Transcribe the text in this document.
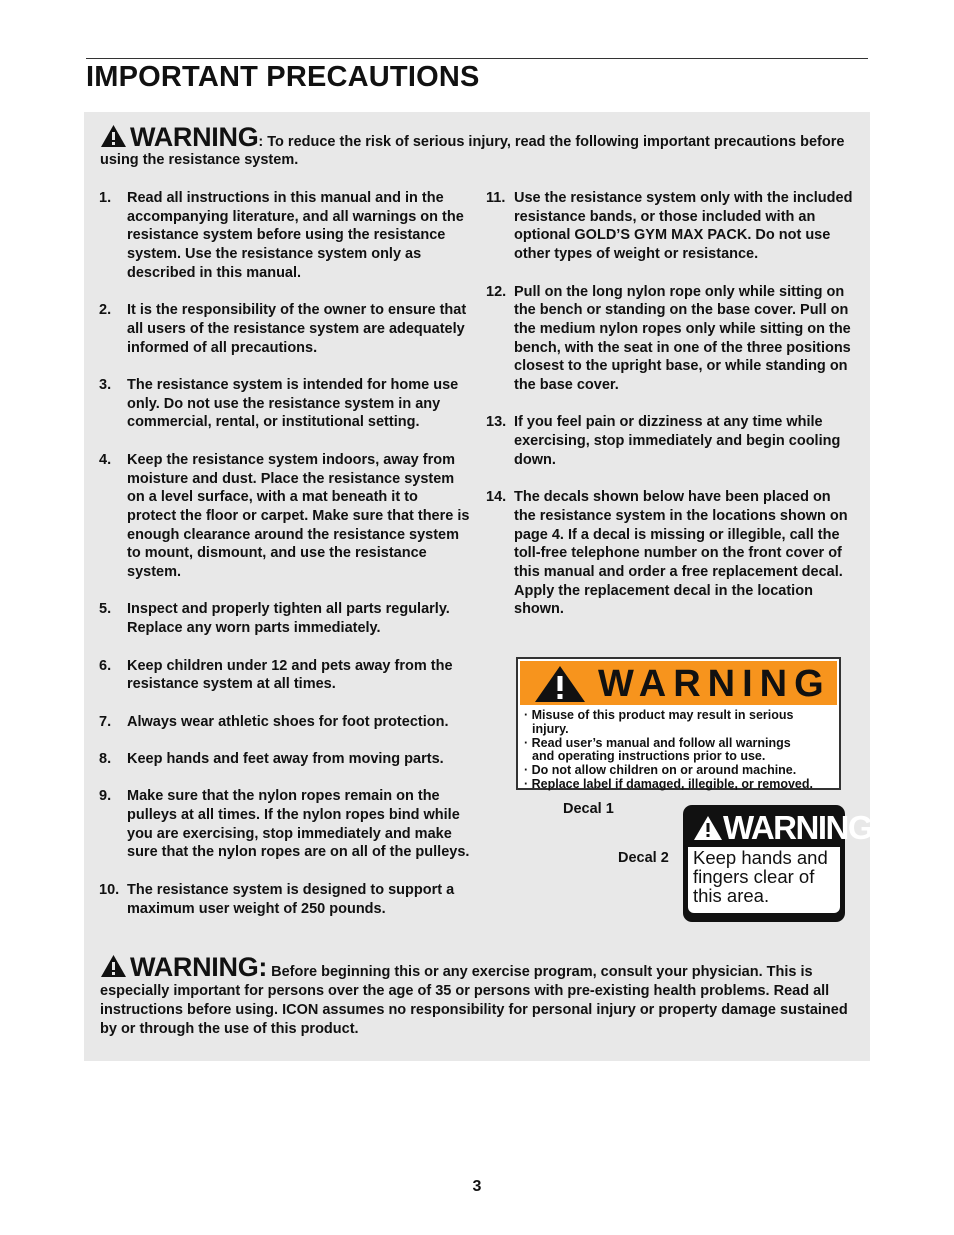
IMPORTANT PRECAUTIONS
WARNING: To reduce the risk of serious injury, read the following important precautions before using the resistance system.
1. Read all instructions in this manual and in the accompanying literature, and all warnings on the resistance system before using the resistance system. Use the resistance system only as described in this manual.
2. It is the responsibility of the owner to ensure that all users of the resistance system are adequately informed of all precautions.
3. The resistance system is intended for home use only. Do not use the resistance system in any commercial, rental, or institutional setting.
4. Keep the resistance system indoors, away from moisture and dust. Place the resistance system on a level surface, with a mat beneath it to protect the floor or carpet. Make sure that there is enough clearance around the resistance system to mount, dismount, and use the resistance system.
5. Inspect and properly tighten all parts regularly. Replace any worn parts immediately.
6. Keep children under 12 and pets away from the resistance system at all times.
7. Always wear athletic shoes for foot protection.
8. Keep hands and feet away from moving parts.
9. Make sure that the nylon ropes remain on the pulleys at all times. If the nylon ropes bind while you are exercising, stop immediately and make sure that the nylon ropes are on all of the pulleys.
10. The resistance system is designed to support a maximum user weight of 250 pounds.
11. Use the resistance system only with the included resistance bands, or those included with an optional GOLD’S GYM MAX PACK. Do not use other types of weight or resistance.
12. Pull on the long nylon rope only while sitting on the bench or standing on the base cover. Pull on the medium nylon ropes only while sitting on the bench, with the seat in one of the three positions closest to the upright base, or while standing on the base cover.
13. If you feel pain or dizziness at any time while exercising, stop immediately and begin cooling down.
14. The decals shown below have been placed on the resistance system in the locations shown on page 4. If a decal is missing or illegible, call the toll-free telephone number on the front cover of this manual and order a free replacement decal. Apply the replacement decal in the location shown.
WARNING
· Misuse of this product may result in serious
injury.
· Read user’s manual and follow all warnings
and operating instructions prior to use.
· Do not allow children on or around machine.
· Replace label if damaged, illegible, or removed.
Decal 1
Decal 2
WARNING
Keep hands and
fingers clear of
this area.
WARNING: Before beginning this or any exercise program, consult your physician. This is especially important for persons over the age of 35 or persons with pre-existing health problems. Read all instructions before using. ICON assumes no responsibility for personal injury or property damage sustained by or through the use of this product.
3
